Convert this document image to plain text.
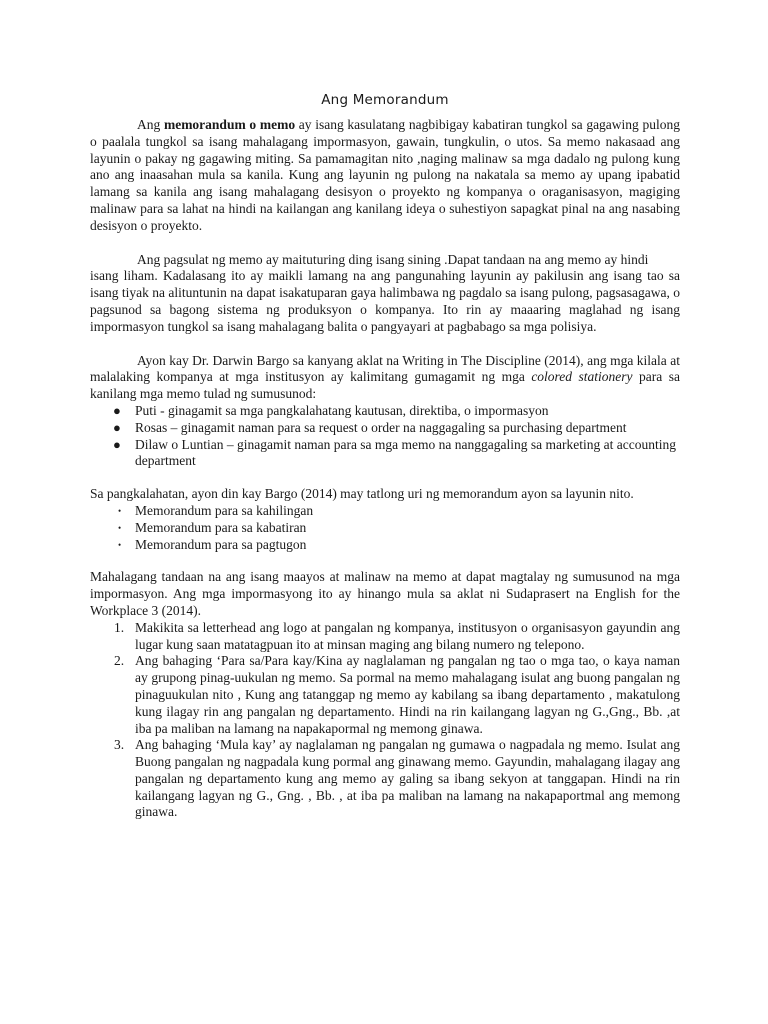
Ang Memorandum

Ang memorandum o memo ay isang kasulatang nagbibigay kabatiran tungkol sa gagawing pulong o paalala tungkol sa isang mahalagang impormasyon, gawain, tungkulin, o utos. Sa memo nakasaad ang layunin o pakay ng gagawing miting. Sa pamamagitan nito ,naging malinaw sa mga dadalo ng pulong kung ano ang inaasahan mula sa kanila. Kung ang layunin ng pulong na nakatala sa memo ay upang ipabatid lamang sa kanila ang isang mahalagang desisyon o proyekto ng kompanya o oraganisasyon, magiging malinaw para sa lahat na hindi na kailangan ang kanilang ideya o suhestiyon sapagkat pinal na ang nasabing desisyon o proyekto.

Ang pagsulat ng memo ay maituturing ding isang sining .Dapat tandaan na ang memo ay hindi

isang liham. Kadalasang ito ay maikli lamang na ang pangunahing layunin ay pakilusin ang isang tao sa isang tiyak na alituntunin na dapat isakatuparan gaya halimbawa ng pagdalo sa isang pulong, pagsasagawa, o pagsunod sa bagong sistema ng produksyon o kompanya. Ito rin ay maaaring maglahad ng isang impormasyon tungkol sa isang mahalagang balita o pangyayari at pagbabago sa mga polisiya.

Ayon kay Dr. Darwin Bargo sa kanyang aklat na Writing in The Discipline (2014), ang mga kilala at malalaking kompanya at mga institusyon ay kalimitang gumagamit ng mga colored stationery para sa kanilang mga memo tulad ng sumusunod:

● Puti - ginagamit sa mga pangkalahatang kautusan, direktiba, o impormasyon
● Rosas – ginagamit naman para sa request o order na naggagaling sa purchasing department
● Dilaw o Luntian – ginagamit naman para sa mga memo na nanggagaling sa marketing at accounting department

Sa pangkalahatan, ayon din kay Bargo (2014) may tatlong uri ng memorandum ayon sa layunin nito.

• Memorandum para sa kahilingan
• Memorandum para sa kabatiran
• Memorandum para sa pagtugon

Mahalagang tandaan na ang isang maayos at malinaw na memo at dapat magtalay ng sumusunod na mga impormasyon. Ang mga impormasyong ito ay hinango mula sa aklat ni Sudaprasert na English for the Workplace 3 (2014).

1. Makikita sa letterhead ang logo at pangalan ng kompanya, institusyon o organisasyon gayundin ang lugar kung saan matatagpuan ito at minsan maging ang bilang numero ng telepono.
2. Ang bahaging ‘Para sa/Para kay/Kina ay naglalaman ng pangalan ng tao o mga tao, o kaya naman ay grupong pinag-uukulan ng memo. Sa pormal na memo mahalagang isulat ang buong pangalan ng pinaguukulan nito , Kung ang tatanggap ng memo ay kabilang sa ibang departamento , makatulong kung ilagay rin ang pangalan ng departamento. Hindi na rin kailangang lagyan ng G.,Gng., Bb. ,at iba pa maliban na lamang na napakapormal ng memong ginawa.
3. Ang bahaging ‘Mula kay’ ay naglalaman ng pangalan ng gumawa o nagpadala ng memo. Isulat ang Buong pangalan ng nagpadala kung pormal ang ginawang memo. Gayundin, mahalagang ilagay ang pangalan ng departamento kung ang memo ay galing sa ibang sekyon at tanggapan. Hindi na rin kailangang lagyan ng G., Gng. , Bb. , at iba pa maliban na lamang na nakapaportmal ang memong ginawa.
